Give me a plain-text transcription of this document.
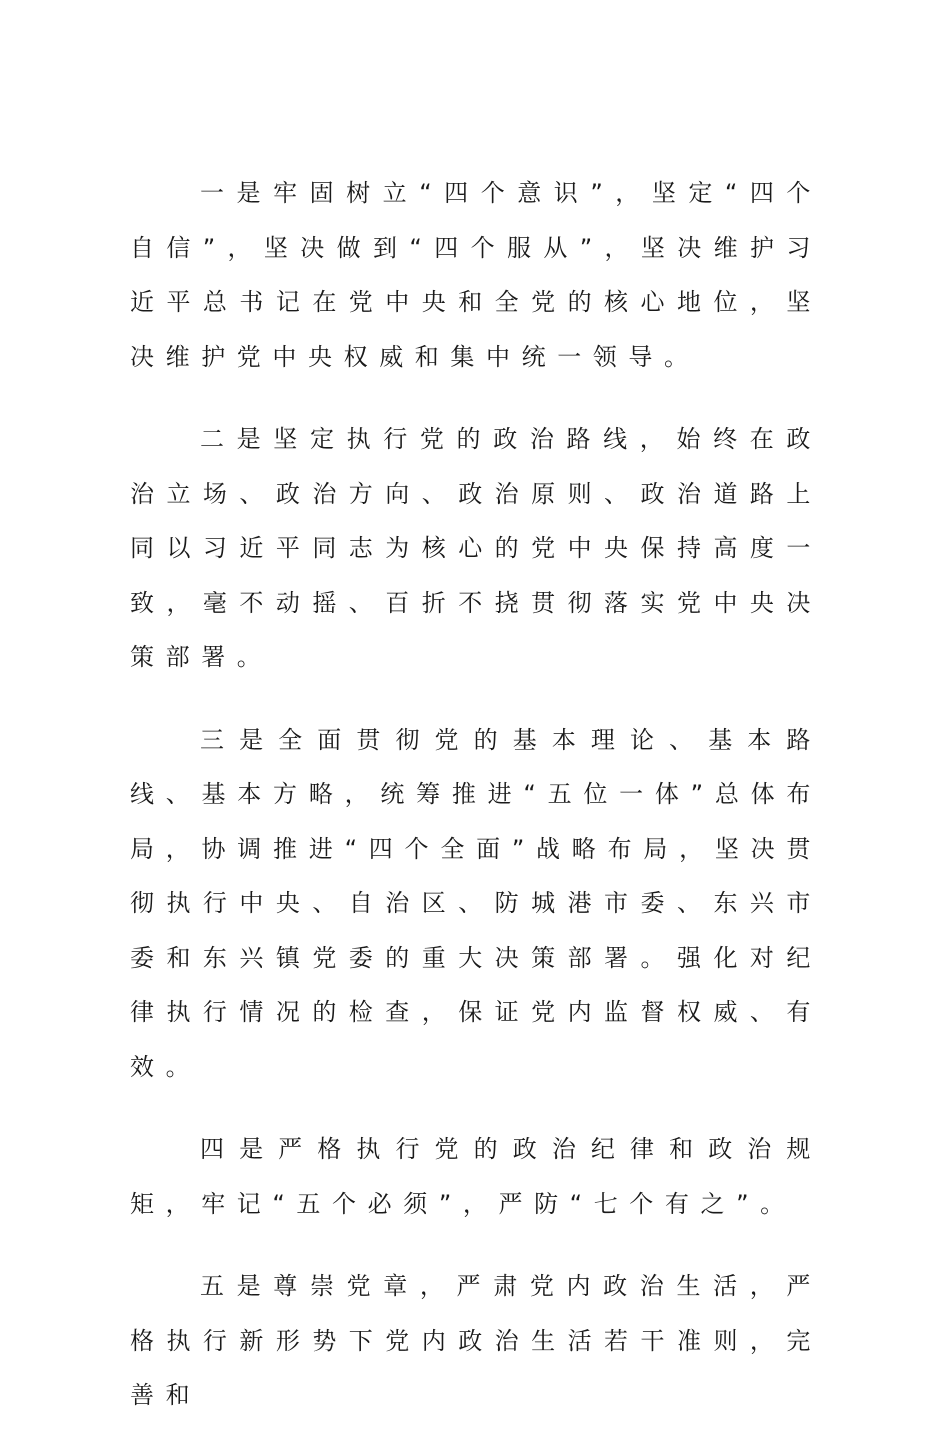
一是牢固树立“四个意识”，坚定“四个自信”，坚决做到“四个服从”，坚决维护习近平总书记在党中央和全党的核心地位，坚决维护党中央权威和集中统一领导。

二是坚定执行党的政治路线，始终在政治立场、政治方向、政治原则、政治道路上同以习近平同志为核心的党中央保持高度一致，毫不动摇、百折不挠贯彻落实党中央决策部署。

三是全面贯彻党的基本理论、基本路线、基本方略，统筹推进“五位一体”总体布局，协调推进“四个全面”战略布局，坚决贯彻执行中央、自治区、防城港市委、东兴市委和东兴镇党委的重大决策部署。强化对纪律执行情况的检查，保证党内监督权威、有效。

四是严格执行党的政治纪律和政治规矩，牢记“五个必须”，严防“七个有之”。

五是尊崇党章，严肃党内政治生活，严格执行新形势下党内政治生活若干准则，完善和
